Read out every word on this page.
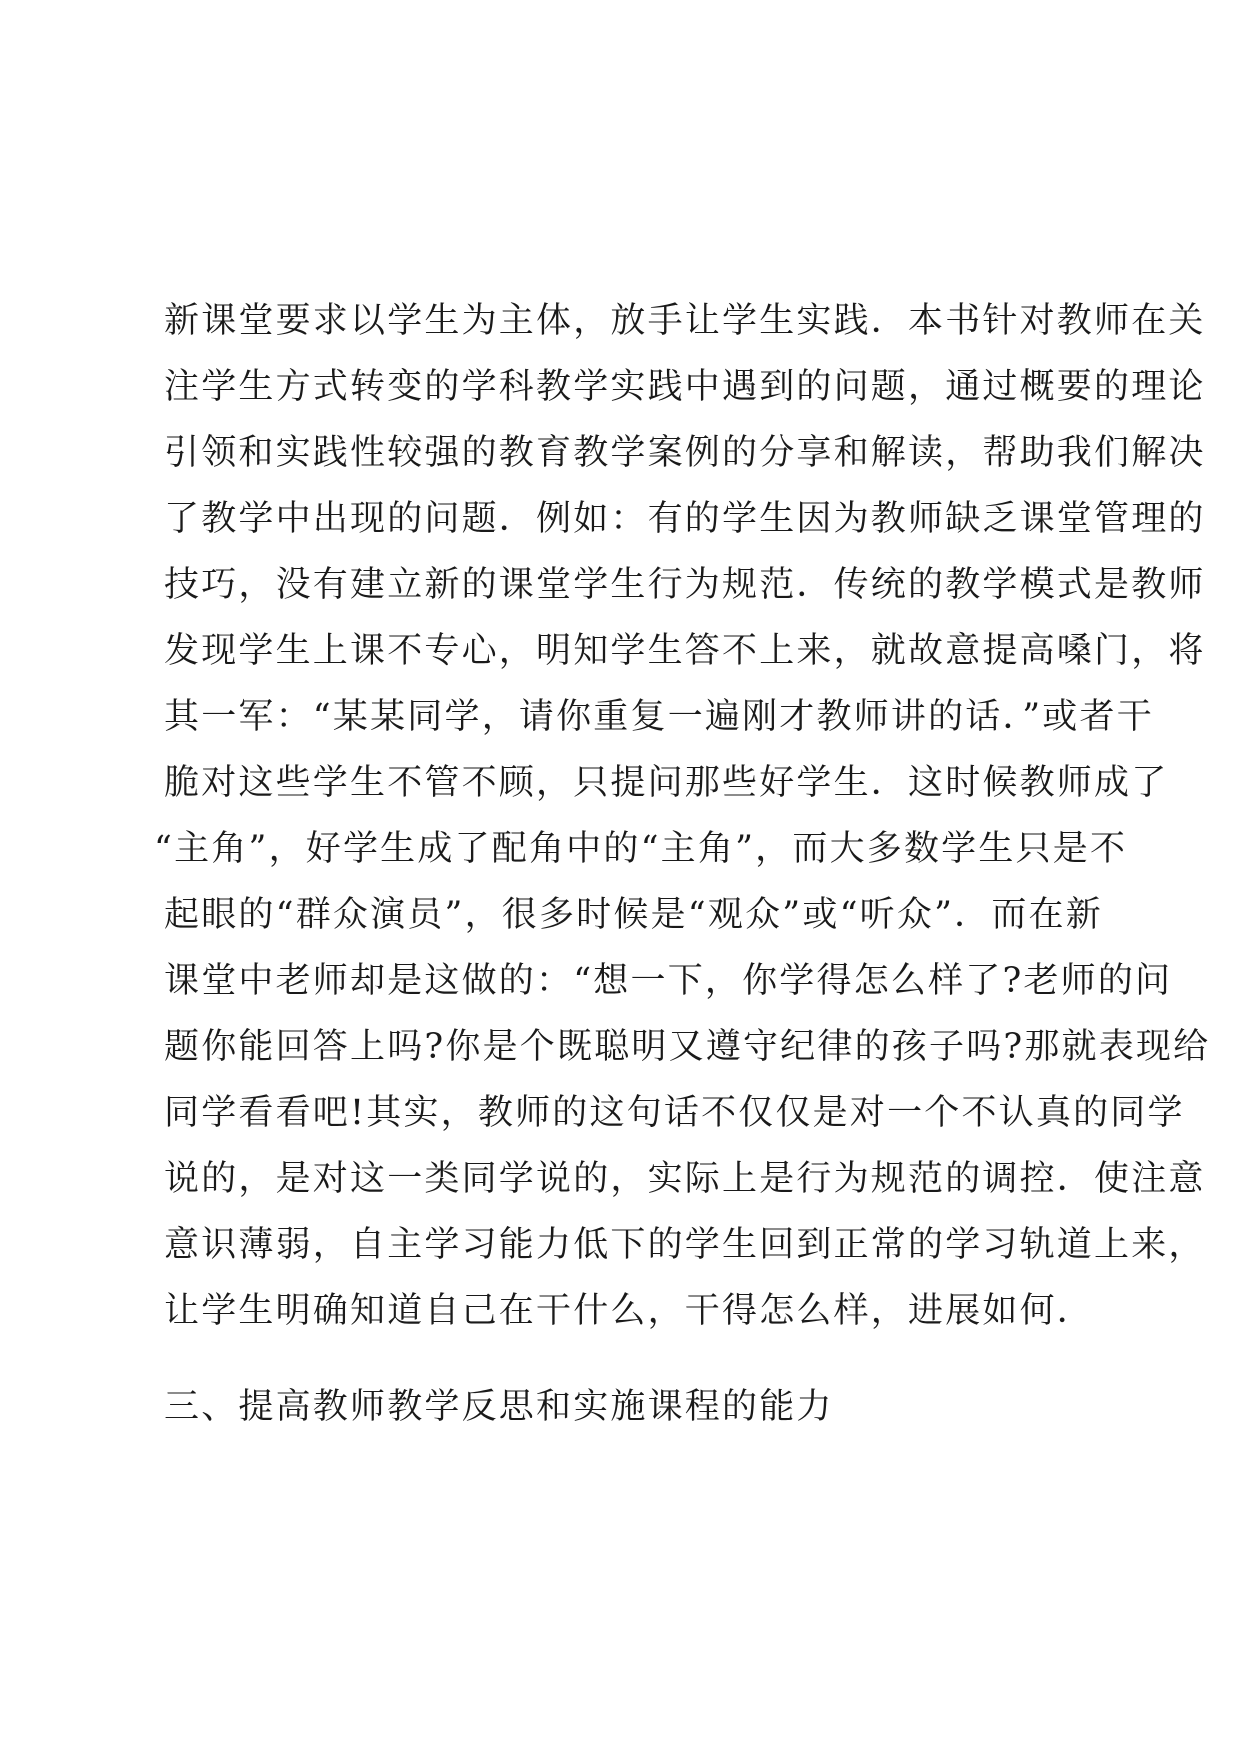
新课堂要求以学生为主体，放手让学生实践．本书针对教师在关
注学生方式转变的学科教学实践中遇到的问题，通过概要的理论
引领和实践性较强的教育教学案例的分享和解读，帮助我们解决
了教学中出现的问题．例如：有的学生因为教师缺乏课堂管理的
技巧，没有建立新的课堂学生行为规范．传统的教学模式是教师
发现学生上课不专心，明知学生答不上来，就故意提高嗓门，将
其一军：“某某同学，请你重复一遍刚才教师讲的话．”或者干
脆对这些学生不管不顾，只提问那些好学生．这时候教师成了
“主角”，好学生成了配角中的“主角”，而大多数学生只是不
起眼的“群众演员”，很多时候是“观众”或“听众”．而在新
课堂中老师却是这做的：“想一下，你学得怎么样了?老师的问
题你能回答上吗?你是个既聪明又遵守纪律的孩子吗?那就表现给
同学看看吧!其实，教师的这句话不仅仅是对一个不认真的同学
说的，是对这一类同学说的，实际上是行为规范的调控．使注意
意识薄弱，自主学习能力低下的学生回到正常的学习轨道上来，
让学生明确知道自己在干什么，干得怎么样，进展如何．
三、提高教师教学反思和实施课程的能力
